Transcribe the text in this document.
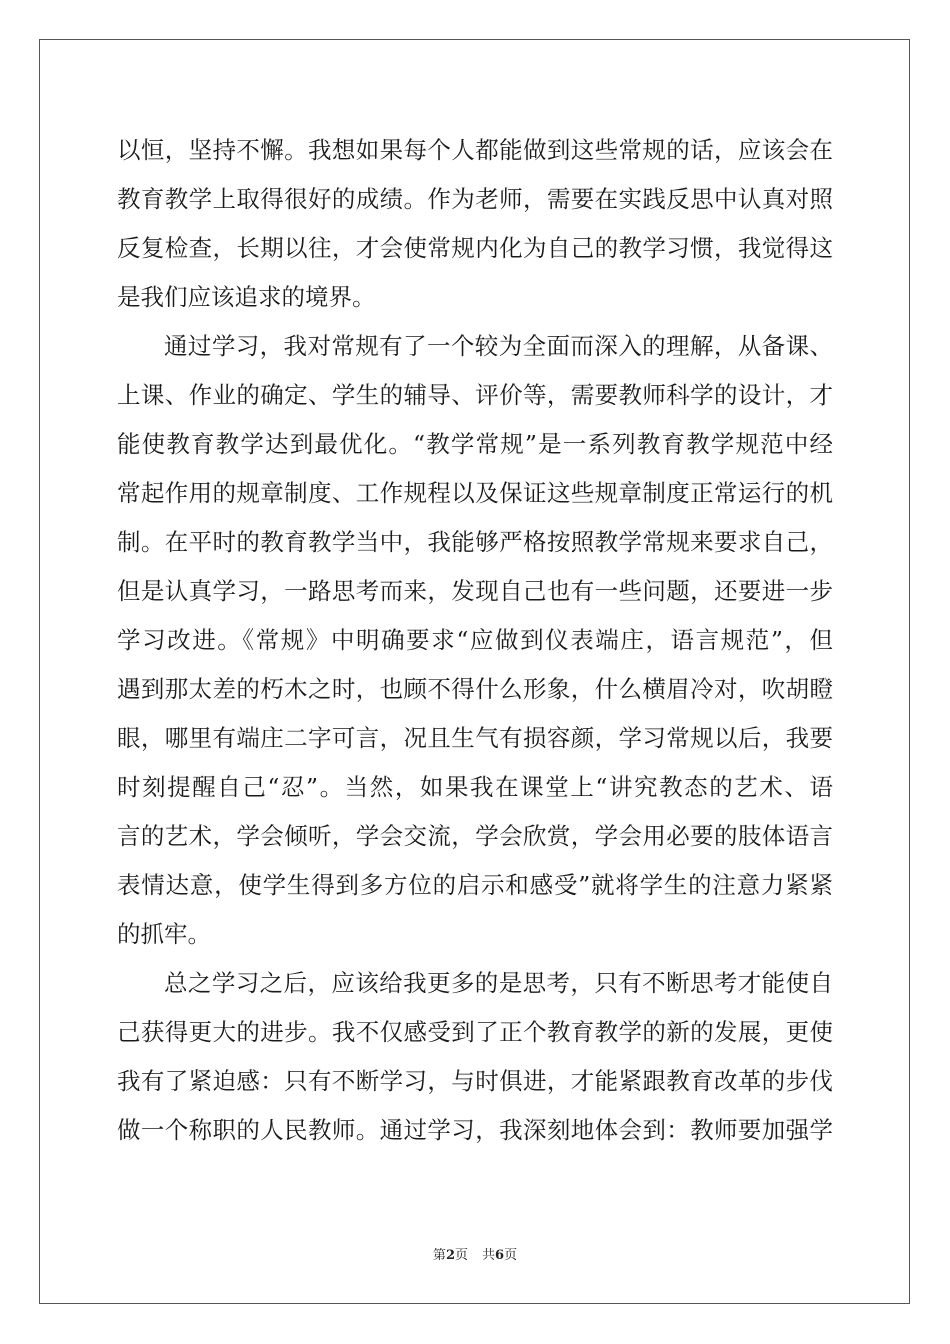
以恒，坚持不懈。我想如果每个人都能做到这些常规的话，应该会在
教育教学上取得很好的成绩。作为老师，需要在实践反思中认真对照
反复检查，长期以往，才会使常规内化为自己的教学习惯，我觉得这
是我们应该追求的境界。
通过学习，我对常规有了一个较为全面而深入的理解，从备课、
上课、作业的确定、学生的辅导、评价等，需要教师科学的设计，才
能使教育教学达到最优化。“教学常规”是一系列教育教学规范中经
常起作用的规章制度、工作规程以及保证这些规章制度正常运行的机
制。在平时的教育教学当中，我能够严格按照教学常规来要求自己，
但是认真学习，一路思考而来，发现自己也有一些问题，还要进一步
学习改进。《常规》中明确要求“应做到仪表端庄，语言规范”，但
遇到那太差的朽木之时，也顾不得什么形象，什么横眉冷对，吹胡瞪
眼，哪里有端庄二字可言，况且生气有损容颜，学习常规以后，我要
时刻提醒自己“忍”。当然，如果我在课堂上“讲究教态的艺术、语
言的艺术，学会倾听，学会交流，学会欣赏，学会用必要的肢体语言
表情达意，使学生得到多方位的启示和感受”就将学生的注意力紧紧
的抓牢。
总之学习之后，应该给我更多的是思考，只有不断思考才能使自
己获得更大的进步。我不仅感受到了正个教育教学的新的发展，更使
我有了紧迫感：只有不断学习，与时俱进，才能紧跟教育改革的步伐
做一个称职的人民教师。通过学习，我深刻地体会到：教师要加强学
第2页 共6页
